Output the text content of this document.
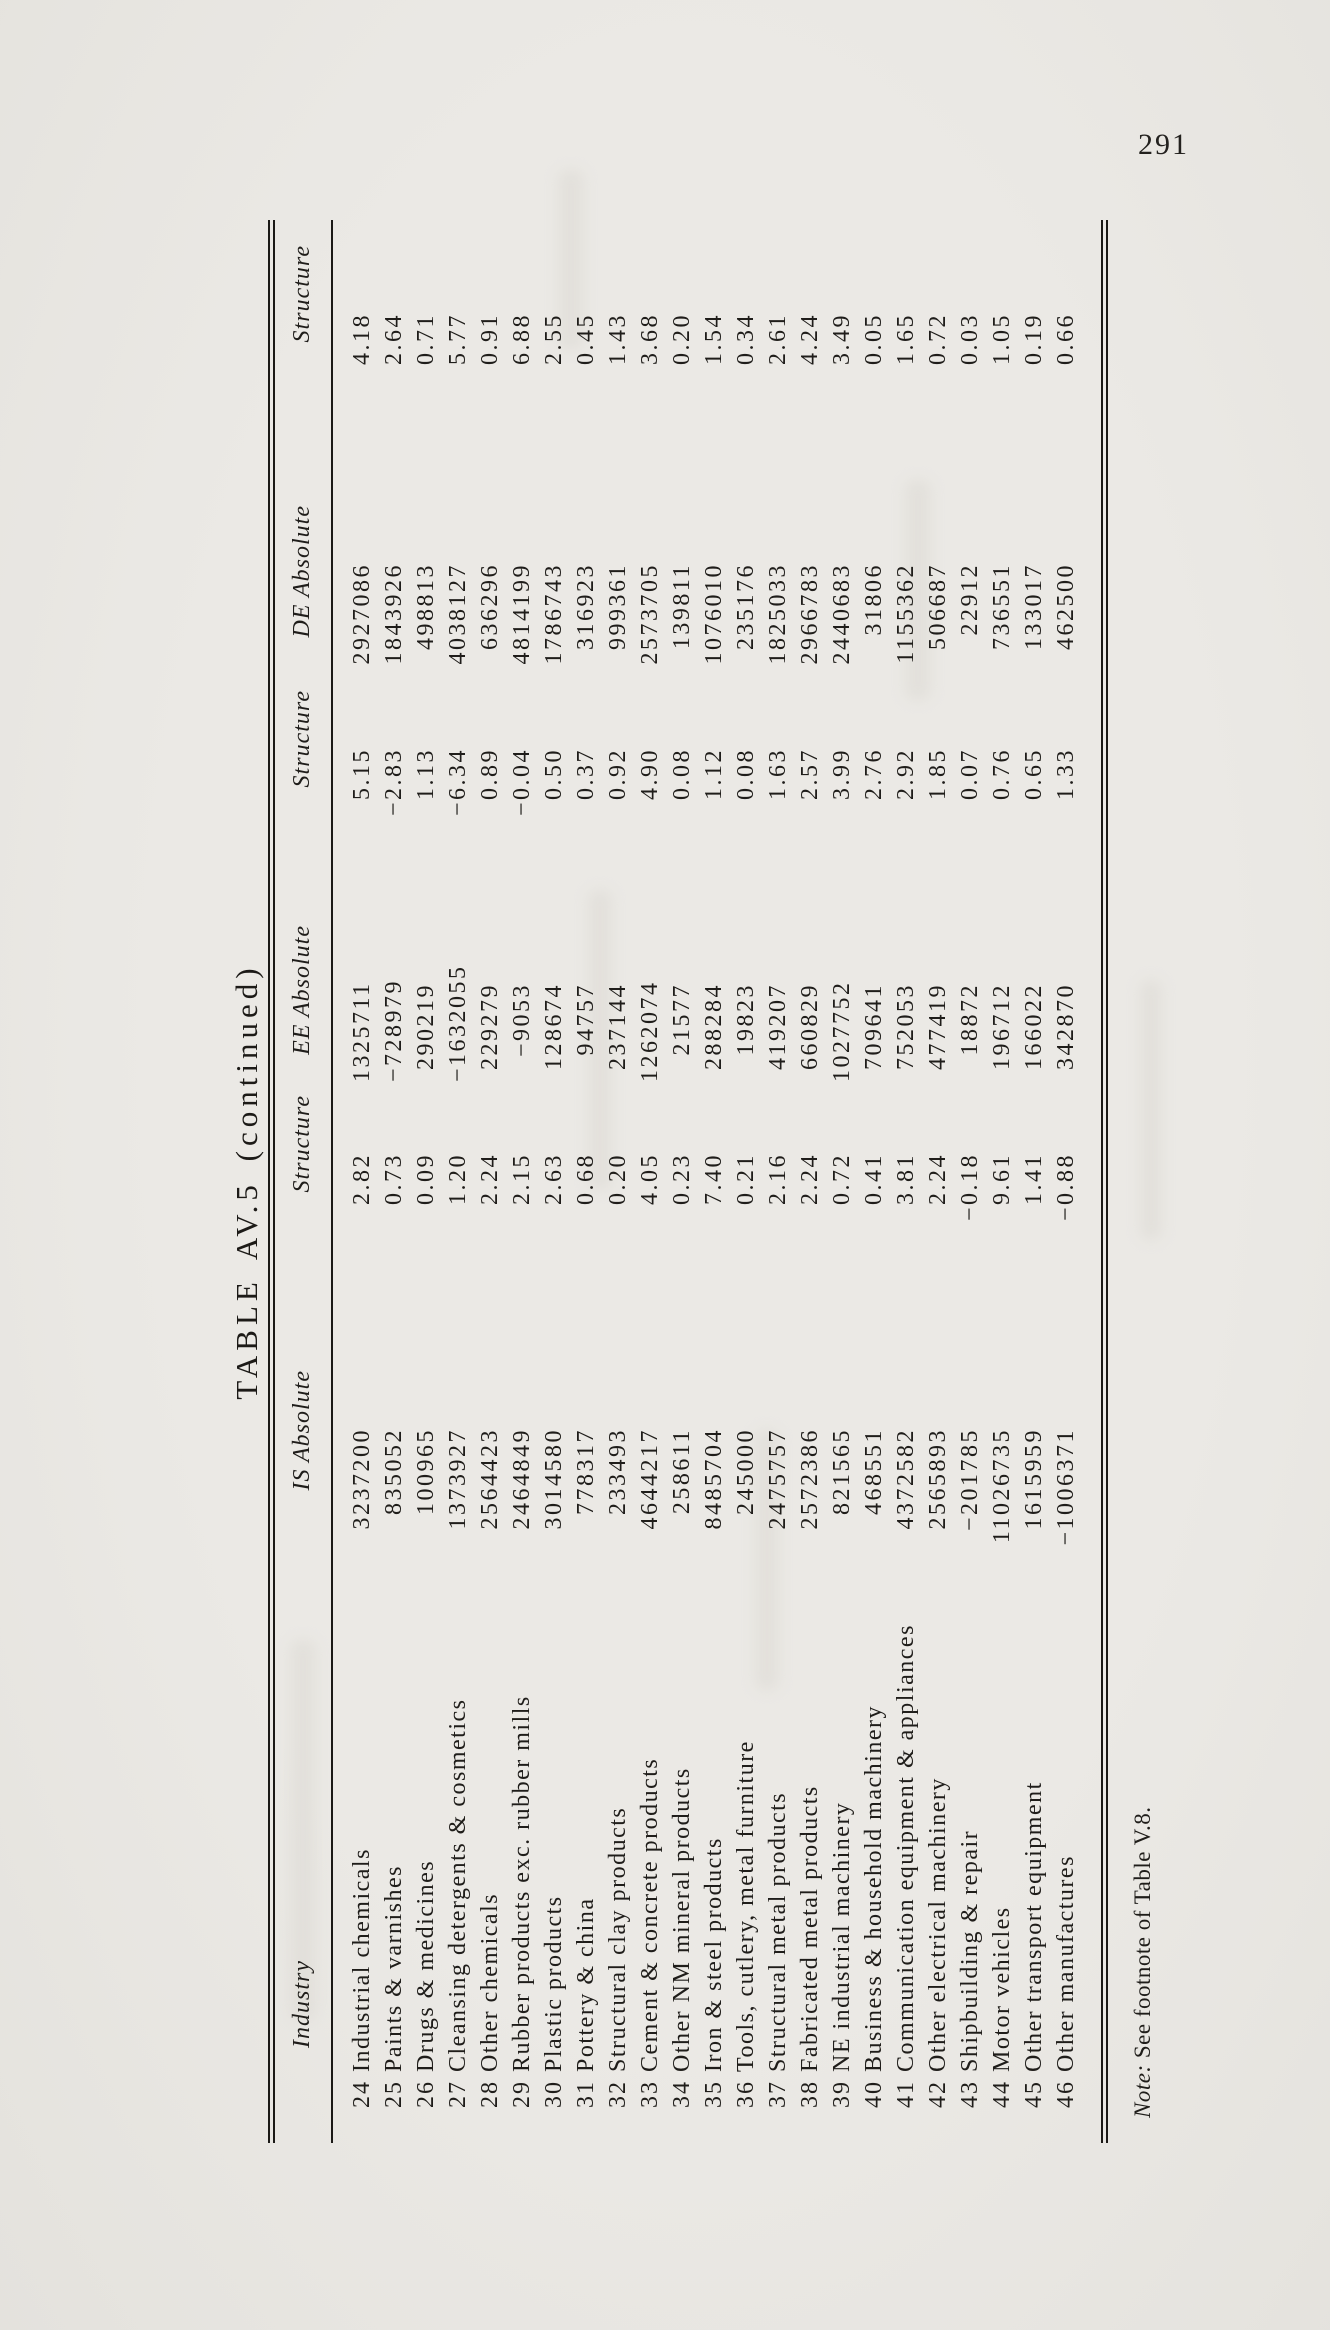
291
TABLE AV.5 (continued)
Industry		IS Absolute	Structure	EE Absolute	Structure	DE Absolute	Structure
24	Industrial chemicals	3237200	2.82	1325711	5.15	2927086	4.18
25	Paints & varnishes	835052	0.73	−728979	−2.83	1843926	2.64
26	Drugs & medicines	100965	0.09	290219	1.13	498813	0.71
27	Cleansing detergents & cosmetics	1373927	1.20	−1632055	−6.34	4038127	5.77
28	Other chemicals	2564423	2.24	229279	0.89	636296	0.91
29	Rubber products exc. rubber mills	2464849	2.15	−9053	−0.04	4814199	6.88
30	Plastic products	3014580	2.63	128674	0.50	1786743	2.55
31	Pottery & china	778317	0.68	94757	0.37	316923	0.45
32	Structural clay products	233493	0.20	237144	0.92	999361	1.43
33	Cement & concrete products	4644217	4.05	1262074	4.90	2573705	3.68
34	Other NM mineral products	258611	0.23	21577	0.08	139811	0.20
35	Iron & steel products	8485704	7.40	288284	1.12	1076010	1.54
36	Tools, cutlery, metal furniture	245000	0.21	19823	0.08	235176	0.34
37	Structural metal products	2475757	2.16	419207	1.63	1825033	2.61
38	Fabricated metal products	2572386	2.24	660829	2.57	2966783	4.24
39	NE industrial machinery	821565	0.72	1027752	3.99	2440683	3.49
40	Business & household machinery	468551	0.41	709641	2.76	31806	0.05
41	Communication equipment & appliances	4372582	3.81	752053	2.92	1155362	1.65
42	Other electrical machinery	2565893	2.24	477419	1.85	506687	0.72
43	Shipbuilding & repair	−201785	−0.18	18872	0.07	22912	0.03
44	Motor vehicles	11026735	9.61	196712	0.76	736551	1.05
45	Other transport equipment	1615959	1.41	166022	0.65	133017	0.19
46	Other manufactures	−1006371	−0.88	342870	1.33	462500	0.66
Note: See footnote of Table V.8.
